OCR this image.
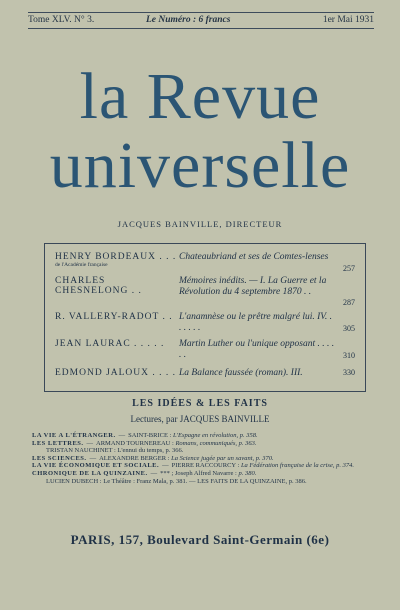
Tome XLV. N° 3.	Le Numéro : 6 francs	1er Mai 1931
la Revue
universelle
JACQUES BAINVILLE, DIRECTEUR
HENRY BORDEAUX . . .
de l'Académie française
Chateaubriand et ses de Comtes-lenses
257
CHARLES CHESNELONG . .
Mémoires inédits. — I. La Guerre et la Révolution du 4 septembre 1870 . .
287
R. VALLERY-RADOT . . L'anamnèse ou le prêtre malgré lui. IV. . . . . . .	305
JEAN LAURAC . . . . .	Martin Luther ou l'unique opposant . . . . . .	310
EDMOND JALOUX . . . . La Balance faussée (roman). III.	330
LES IDÉES & LES FAITS
Lectures, par JACQUES BAINVILLE
LA VIE A L'ÉTRANGER. — SAINT-BRICE : L'Espagne en révolution, p. 358.
LES LETTRES. — ARMAND TOURNEREAU : Romans, communiqués, p. 363.
TRISTAN NAUCHINET : L'ennui du temps, p. 366.
LES SCIENCES. — ALEXANDRE BERGER : La Science jugée par un savant, p. 370.
LA VIE ÉCONOMIQUE ET SOCIALE. — PIERRE RACCOURCY : La Fédération française de la crise, p. 374.
CHRONIQUE DE LA QUINZAINE. — *** ; Joseph Alfred Navarre : p. 380.
LUCIEN DUBECH : Le Théâtre : Franz Mala, p. 381. — LES FAITS DE LA QUINZAINE, p. 386.
PARIS, 157, Boulevard Saint-Germain (6e)
